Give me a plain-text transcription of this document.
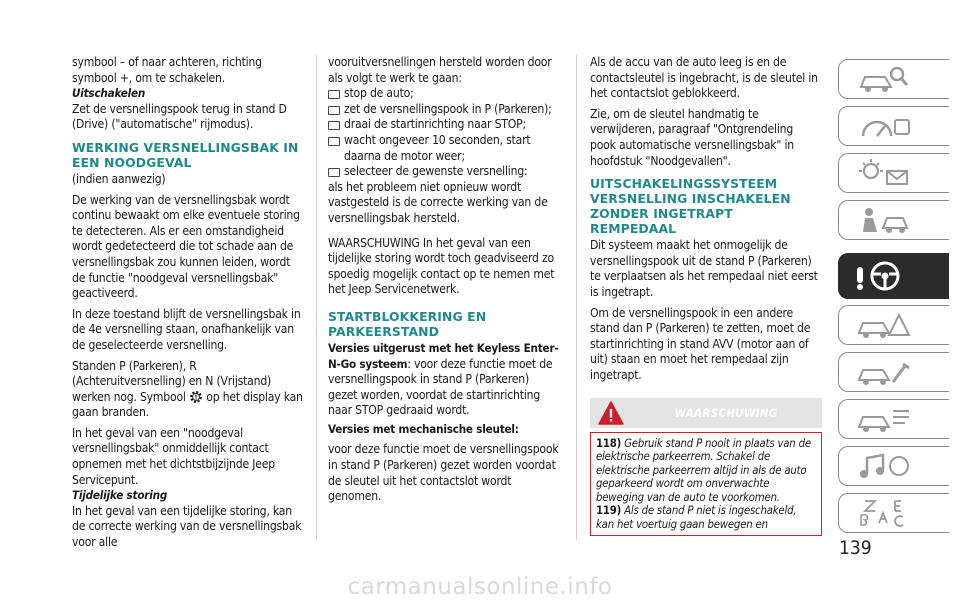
symbool – of naar achteren, richting symbool +, om te schakelen.

Uitschakelen

Zet de versnellingspook terug in stand D (Drive) ("automatische" rijmodus).

WERKING VERSNELLINGSBAK IN EEN NOODGEVAL

(indien aanwezig)

De werking van de versnellingsbak wordt continu bewaakt om elke eventuele storing te detecteren. Als er een omstandigheid wordt gedetecteerd die tot schade aan de versnellingsbak zou kunnen leiden, wordt de functie "noodgeval versnellingsbak" geactiveerd.

In deze toestand blijft de versnellingsbak in de 4e versnelling staan, onafhankelijk van de geselecteerde versnelling.

Standen P (Parkeren), R (Achteruitversnelling) en N (Vrijstand) werken nog. Symbool op het display kan gaan branden.

In het geval van een "noodgeval versnellingsbak" onmiddellijk contact opnemen met het dichtstbijzijnde Jeep Servicepunt.

Tijdelijke storing

In het geval van een tijdelijke storing, kan de correcte werking van de versnellingsbak voor alle

vooruitversnellingen hersteld worden door als volgt te werk te gaan:

stop de auto;
zet de versnellingspook in P (Parkeren);
draai de startinrichting naar STOP;
wacht ongeveer 10 seconden, start daarna de motor weer;
selecteer de gewenste versnelling:

als het probleem niet opnieuw wordt vastgesteld is de correcte werking van de versnellingsbak hersteld.

WAARSCHUWING In het geval van een tijdelijke storing wordt toch geadviseerd zo spoedig mogelijk contact op te nemen met het Jeep Servicenetwerk.

STARTBLOKKERING EN PARKEERSTAND

Versies uitgerust met het Keyless Enter-N-Go systeem: voor deze functie moet de versnellingspook in stand P (Parkeren) gezet worden, voordat de startinrichting naar STOP gedraaid wordt.

Versies met mechanische sleutel:

voor deze functie moet de versnellingspook in stand P (Parkeren) gezet worden voordat de sleutel uit het contactslot wordt genomen.

Als de accu van de auto leeg is en de contactsleutel is ingebracht, is de sleutel in het contactslot geblokkeerd.

Zie, om de sleutel handmatig te verwijderen, paragraaf "Ontgrendeling pook automatische versnellingsbak" in hoofdstuk "Noodgevallen".

UITSCHAKELINGSSYSTEEM VERSNELLING INSCHAKELEN ZONDER INGETRAPT REMPEDAAL

Dit systeem maakt het onmogelijk de versnellingspook uit de stand P (Parkeren) te verplaatsen als het rempedaal niet eerst is ingetrapt.

Om de versnellingspook in een andere stand dan P (Parkeren) te zetten, moet de startinrichting in stand AVV (motor aan of uit) staan en moet het rempedaal zijn ingetrapt.

WAARSCHUWING
118) Gebruik stand P nooit in plaats van de elektrische parkeerrem. Schakel de elektrische parkeerrem altijd in als de auto geparkeerd wordt om onverwachte beweging van de auto te voorkomen.
119) Als de stand P niet is ingeschakeld, kan het voertuig gaan bewegen en
139
carmanualsonline.info
